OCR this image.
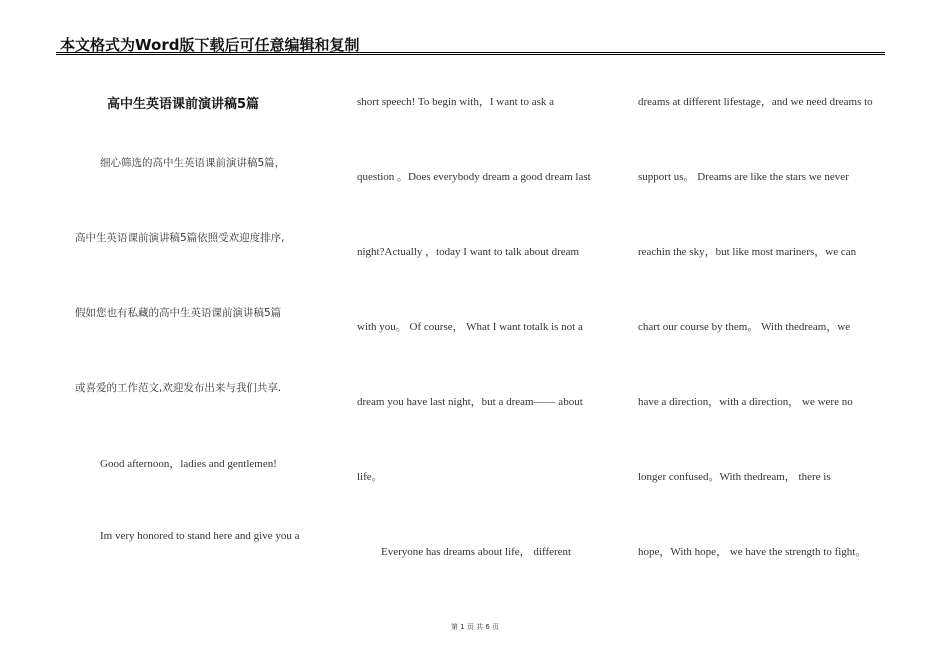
本文格式为Word版下载后可任意编辑和复制
高中生英语课前演讲稿5篇
细心筛选的高中生英语课前演讲稿5篇，
高中生英语课前演讲稿5篇依照受欢迎度排序,
假如您也有私藏的高中生英语课前演讲稿5篇
或喜爱的工作范文,欢迎发布出来与我们共享.
Good afternoon，ladies and gentlemen!
Im very honored to stand here and give you a
short speech! To begin with，I want to ask a
question 。Does everybody dream a good dream last
night?Actually ，today I want to talk about dream
with you。 Of course， What I want totalk is not a
dream you have last night，but a dream—— about
life。
Everyone has dreams about life， different
dreams at different lifestage，and we need dreams to
support us。 Dreams are like the stars we never
reachin the sky，but like most mariners，we can
chart our course by them。 With thedream，we
have a direction，with a direction， we were no
longer confused。With thedream， there is
hope，With hope， we have the strength to fight。
第 1 页 共 6 页
